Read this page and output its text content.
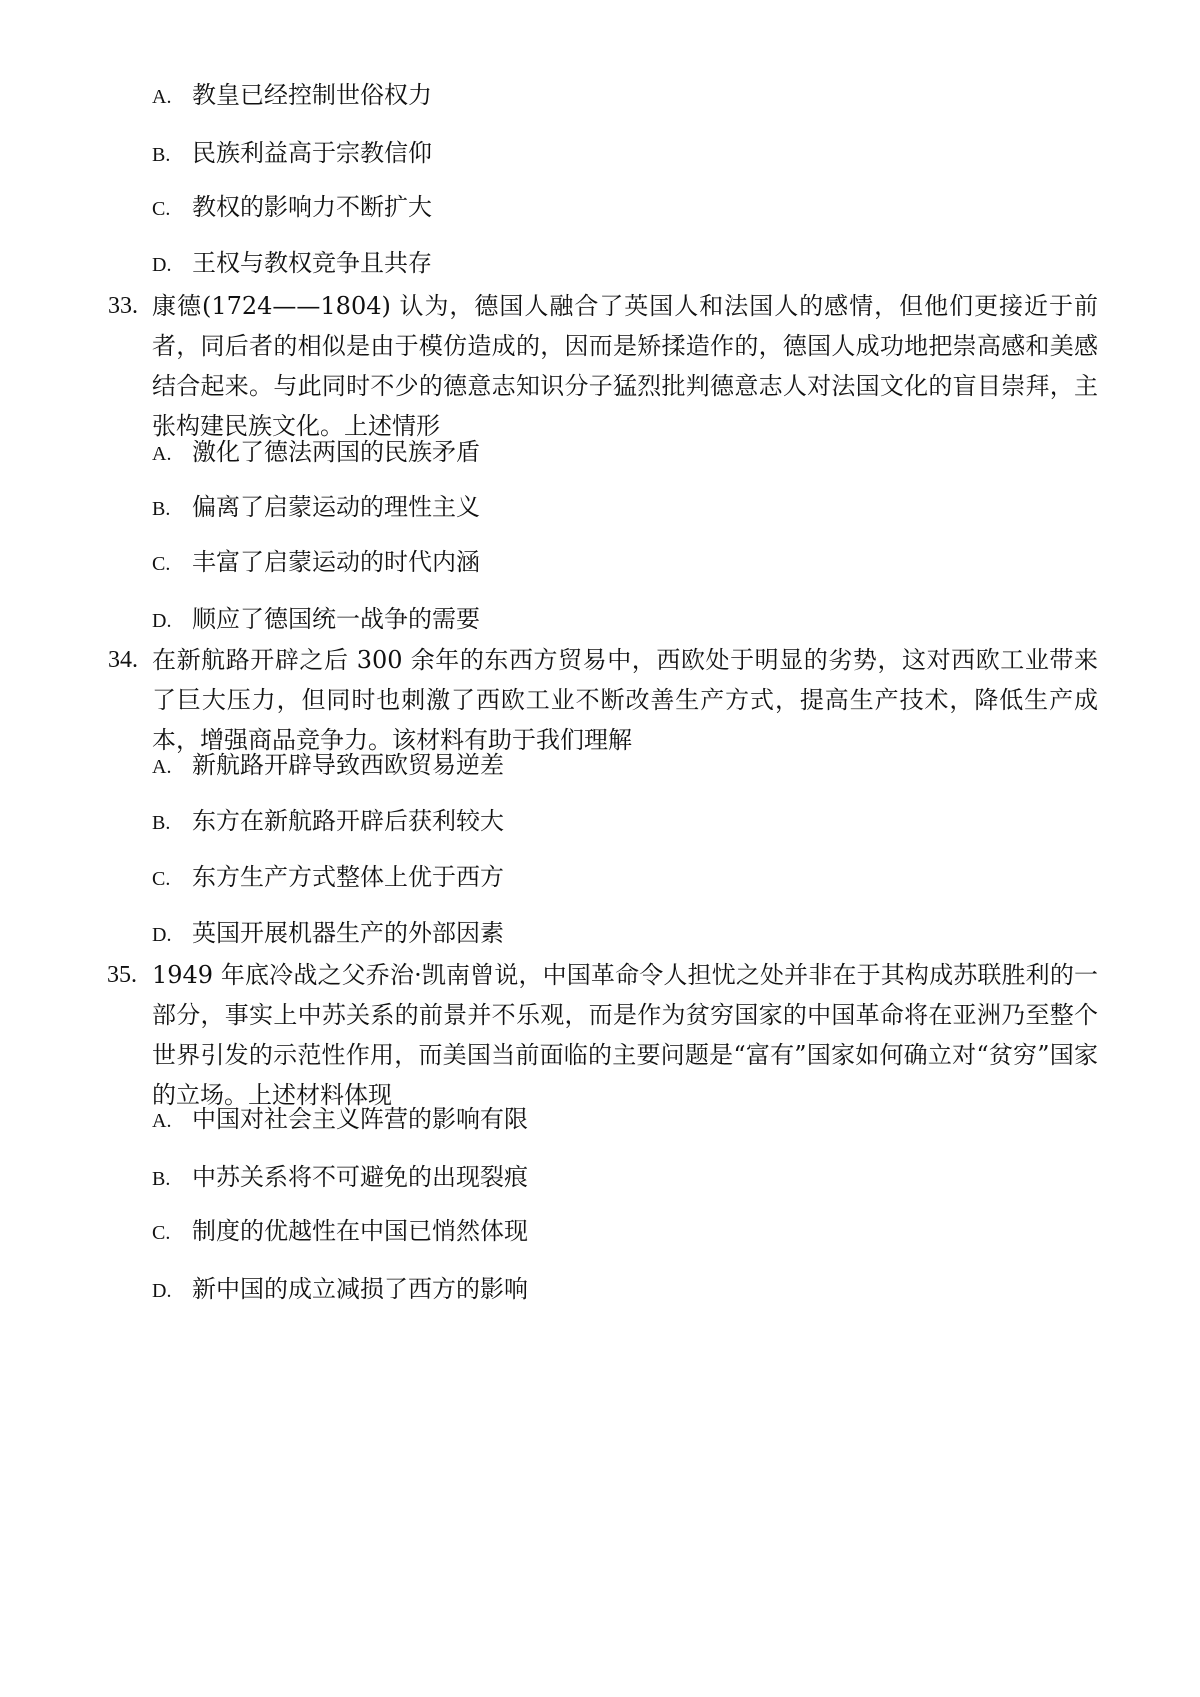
A. 教皇已经控制世俗权力
B. 民族利益高于宗教信仰
C. 教权的影响力不断扩大
D. 王权与教权竞争且共存
33. 康德(1724——1804) 认为，德国人融合了英国人和法国人的感情，但他们更接近于前者，同后者的相似是由于模仿造成的，因而是矫揉造作的，德国人成功地把崇高感和美感结合起来。与此同时不少的德意志知识分子猛烈批判德意志人对法国文化的盲目崇拜，主张构建民族文化。上述情形
A. 激化了德法两国的民族矛盾
B. 偏离了启蒙运动的理性主义
C. 丰富了启蒙运动的时代内涵
D. 顺应了德国统一战争的需要
34. 在新航路开辟之后 300 余年的东西方贸易中，西欧处于明显的劣势，这对西欧工业带来了巨大压力，但同时也刺激了西欧工业不断改善生产方式，提高生产技术，降低生产成本，增强商品竞争力。该材料有助于我们理解
A. 新航路开辟导致西欧贸易逆差
B. 东方在新航路开辟后获利较大
C. 东方生产方式整体上优于西方
D. 英国开展机器生产的外部因素
35. 1949 年底冷战之父乔治·凯南曾说，中国革命令人担忧之处并非在于其构成苏联胜利的一部分，事实上中苏关系的前景并不乐观，而是作为贫穷国家的中国革命将在亚洲乃至整个世界引发的示范性作用，而美国当前面临的主要问题是“富有”国家如何确立对“贫穷”国家的立场。上述材料体现
A. 中国对社会主义阵营的影响有限
B. 中苏关系将不可避免的出现裂痕
C. 制度的优越性在中国已悄然体现
D. 新中国的成立减损了西方的影响
